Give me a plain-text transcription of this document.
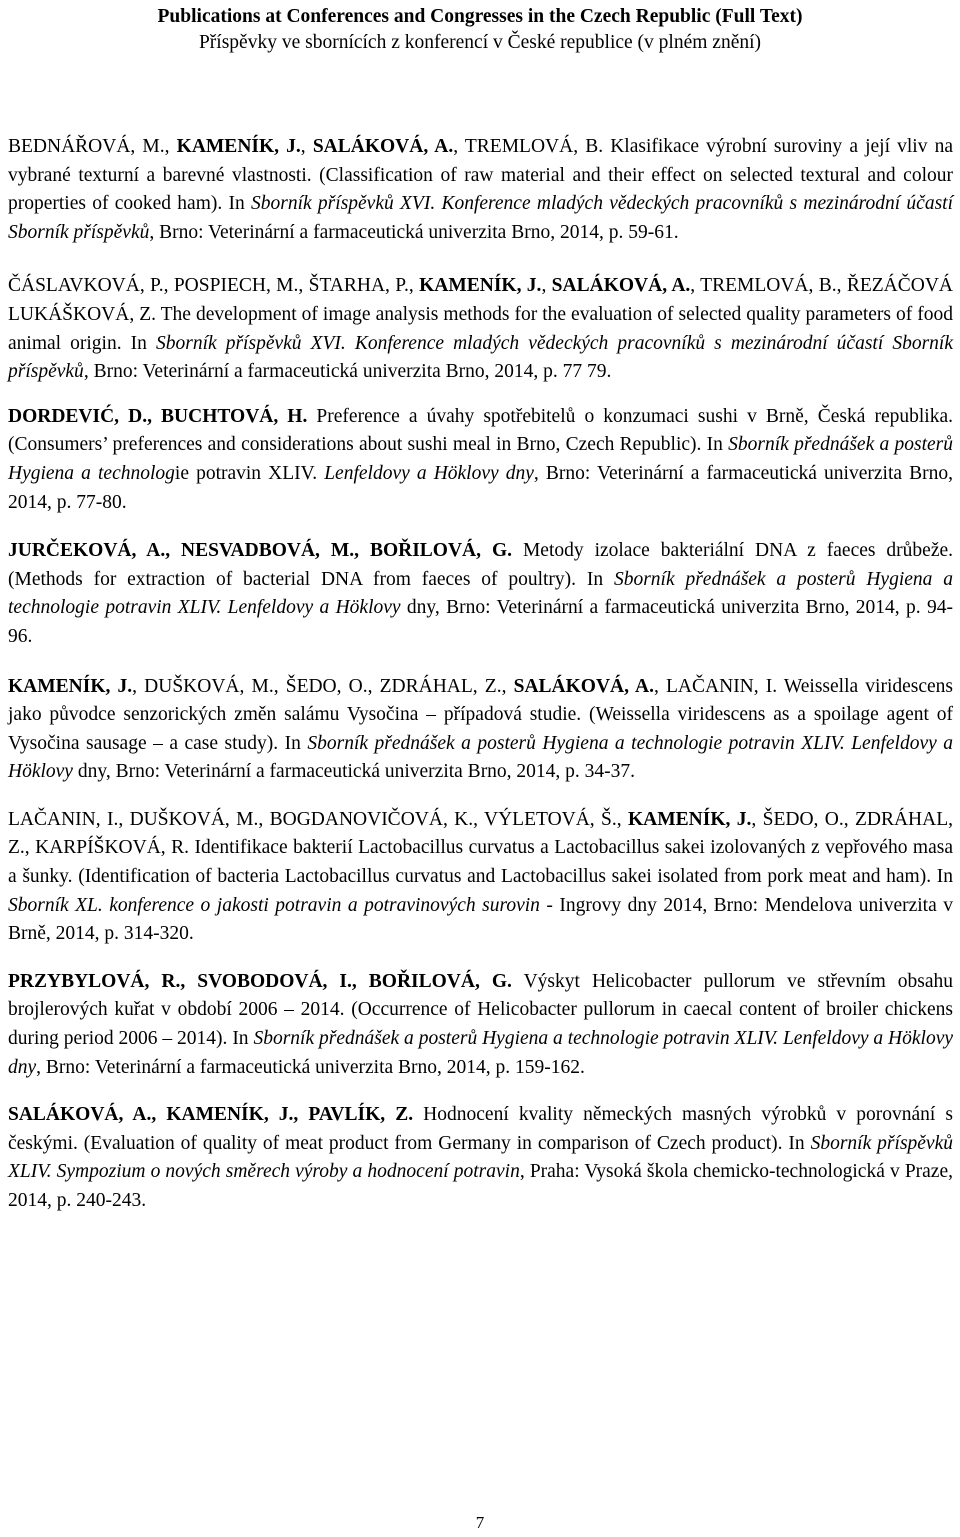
Publications at Conferences and Congresses in the Czech Republic (Full Text)
Příspěvky ve sbornících z konferencí v České republice (v plném znění)

BEDNÁŘOVÁ, M., KAMENÍK, J., SALÁKOVÁ, A., TREMLOVÁ, B. Klasifikace výrobní suroviny a její vliv na vybrané texturní a barevné vlastnosti. (Classification of raw material and their effect on selected textural and colour properties of cooked ham). In Sborník příspěvků XVI. Konference mladých vědeckých pracovníků s mezinárodní účastí Sborník příspěvků, Brno: Veterinární a farmaceutická univerzita Brno, 2014, p. 59-61.

ČÁSLAVKOVÁ, P., POSPIECH, M., ŠTARHA, P., KAMENÍK, J., SALÁKOVÁ, A., TREMLOVÁ, B., ŘEZÁČOVÁ LUKÁŠKOVÁ, Z. The development of image analysis methods for the evaluation of selected quality parameters of food animal origin. In Sborník příspěvků XVI. Konference mladých vědeckých pracovníků s mezinárodní účastí Sborník příspěvků, Brno: Veterinární a farmaceutická univerzita Brno, 2014, p. 77 79.

DORDEVIĆ, D., BUCHTOVÁ, H. Preference a úvahy spotřebitelů o konzumaci sushi v Brně, Česká republika. (Consumers’ preferences and considerations about sushi meal in Brno, Czech Republic). In Sborník přednášek a posterů Hygiena a technologie potravin XLIV. Lenfeldovy a Höklovy dny, Brno: Veterinární a farmaceutická univerzita Brno, 2014, p. 77-80.

JURČEKOVÁ, A., NESVADBOVÁ, M., BOŘILOVÁ, G. Metody izolace bakteriální DNA z faeces drůbeže. (Methods for extraction of bacterial DNA from faeces of poultry). In Sborník přednášek a posterů Hygiena a technologie potravin XLIV. Lenfeldovy a Höklovy dny, Brno: Veterinární a farmaceutická univerzita Brno, 2014, p. 94-96.

KAMENÍK, J., DUŠKOVÁ, M., ŠEDO, O., ZDRÁHAL, Z., SALÁKOVÁ, A., LAČANIN, I. Weissella viridescens jako původce senzorických změn salámu Vysočina – případová studie. (Weissella viridescens as a spoilage agent of Vysočina sausage – a case study). In Sborník přednášek a posterů Hygiena a technologie potravin XLIV. Lenfeldovy a Höklovy dny, Brno: Veterinární a farmaceutická univerzita Brno, 2014, p. 34-37.

LAČANIN, I., DUŠKOVÁ, M., BOGDANOVIČOVÁ, K., VÝLETOVÁ, Š., KAMENÍK, J., ŠEDO, O., ZDRÁHAL, Z., KARPÍŠKOVÁ, R. Identifikace bakterií Lactobacillus curvatus a Lactobacillus sakei izolovaných z vepřového masa a šunky. (Identification of bacteria Lactobacillus curvatus and Lactobacillus sakei isolated from pork meat and ham). In Sborník XL. konference o jakosti potravin a potravinových surovin - Ingrovy dny 2014, Brno: Mendelova univerzita v Brně, 2014, p. 314-320.

PRZYBYLOVÁ, R., SVOBODOVÁ, I., BOŘILOVÁ, G. Výskyt Helicobacter pullorum ve střevním obsahu brojlerových kuřat v období 2006 – 2014. (Occurrence of Helicobacter pullorum in caecal content of broiler chickens during period 2006 – 2014). In Sborník přednášek a posterů Hygiena a technologie potravin XLIV. Lenfeldovy a Höklovy dny, Brno: Veterinární a farmaceutická univerzita Brno, 2014, p. 159-162.

SALÁKOVÁ, A., KAMENÍK, J., PAVLÍK, Z. Hodnocení kvality německých masných výrobků v porovnání s českými. (Evaluation of quality of meat product from Germany in comparison of Czech product). In Sborník příspěvků XLIV. Sympozium o nových směrech výroby a hodnocení potravin, Praha: Vysoká škola chemicko-technologická v Praze, 2014, p. 240-243.

7
